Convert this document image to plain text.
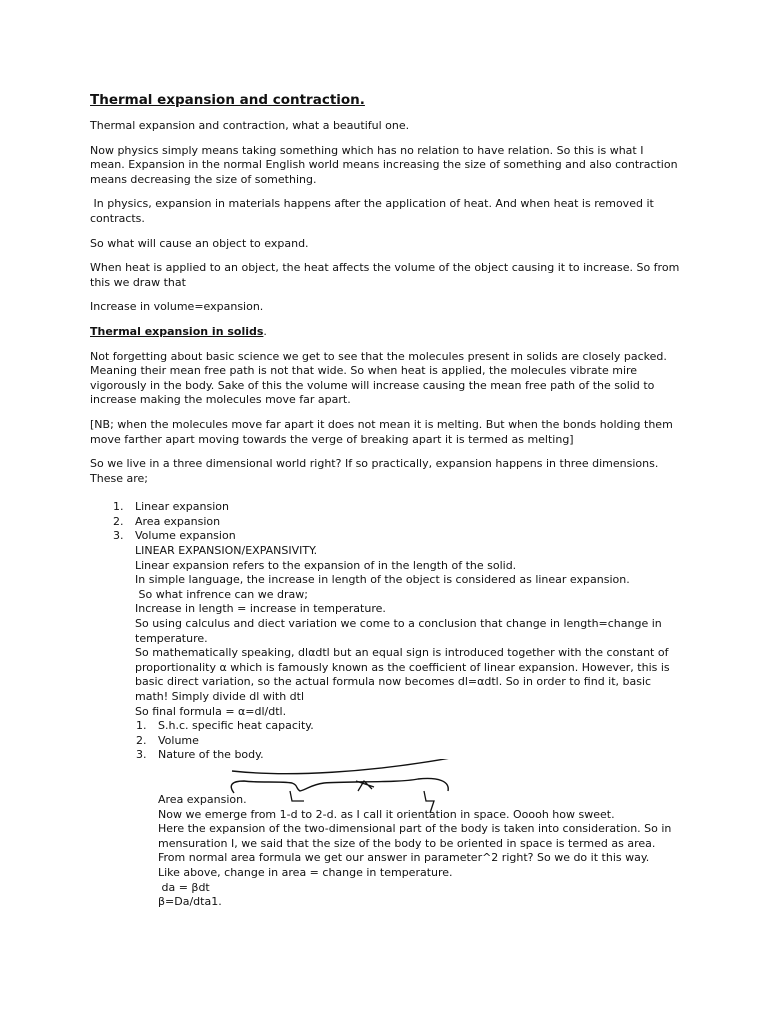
Thermal expansion and contraction.

Thermal expansion and contraction, what a beautiful one.

Now physics simply means taking something which has no relation to have relation. So this is what I mean. Expansion in the normal English world means increasing the size of something and also contraction means decreasing the size of something.

In physics, expansion in materials happens after the application of heat. And when heat is removed it contracts.

So what will cause an object to expand.

When heat is applied to an object, the heat affects the volume of the object causing it to increase. So from this we draw that

Increase in volume=expansion.

Thermal expansion in solids.

Not forgetting about basic science we get to see that the molecules present in solids are closely packed. Meaning their mean free path is not that wide. So when heat is applied, the molecules vibrate mire vigorously in the body. Sake of this the volume will increase causing the mean free path of the solid to increase making the molecules move far apart.

[NB; when the molecules move far apart it does not mean it is melting. But when the bonds holding them move farther apart moving towards the verge of breaking apart it is termed as melting]

So we live in a three dimensional world right? If so practically, expansion happens in three dimensions. These are;

1. Linear expansion
2. Area expansion
3. Volume expansion
LINEAR EXPANSION/EXPANSIVITY.
Linear expansion refers to the expansion of in the length of the solid.
In simple language, the increase in length of the object is considered as linear expansion.
So what infrence can we draw;
Increase in length = increase in temperature.
So using calculus and diect variation we come to a conclusion that change in length=change in temperature.
So mathematically speaking, dlαdtl but an equal sign is introduced together with the constant of proportionality α which is famously known as the coefficient of linear expansion. However, this is basic direct variation, so the actual formula now becomes dl=αdtl. So in order to find it, basic math! Simply divide dl with dtl
So final formula = α=dl/dtl.
1. S.h.c. specific heat capacity.
2. Volume
3. Nature of the body.
Area expansion.
Now we emerge from 1-d to 2-d. as I call it orientation in space. Ooooh how sweet.
Here the expansion of the two-dimensional part of the body is taken into consideration. So in mensuration I, we said that the size of the body to be oriented in space is termed as area.
From normal area formula we get our answer in parameter^2 right? So we do it this way.
Like above, change in area = change in temperature.
da = βdt
β=Da/dta1.
